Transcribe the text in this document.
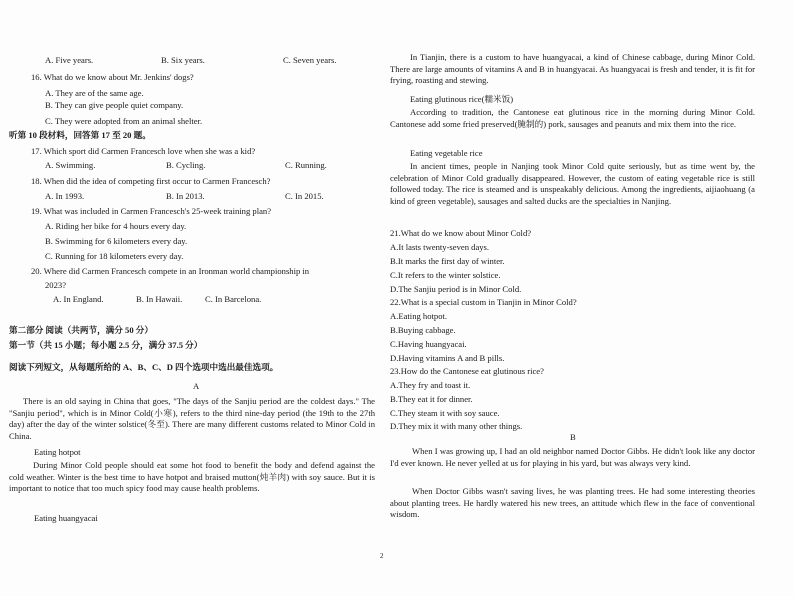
A. Five years.	B. Six years.	C. Seven years.
16. What do we know about Mr. Jenkins' dogs?
A. They are of the same age.
B. They can give people quiet company.
C. They were adopted from an animal shelter.
听第 10 段材料，回答第 17 至 20 题。
17. Which sport did Carmen Francesch love when she was a kid?
A. Swimming.	B. Cycling.	C. Running.
18. When did the idea of competing first occur to Carmen Francesch?
A. In 1993.	B. In 2013.	C. In 2015.
19. What was included in Carmen Francesch's 25-week training plan?
A. Riding her bike for 4 hours every day.
B. Swimming for 6 kilometers every day.
C. Running for 18 kilometers every day.
20. Where did Carmen Francesch compete in an Ironman world championship in
2023?
A. In England.	B. In Hawaii.	C. In Barcelona.
第二部分 阅读（共两节，满分 50 分）
第一节（共 15 小题；每小题 2.5 分，满分 37.5 分）
阅读下列短文，从每题所给的 A、B、C、D 四个选项中选出最佳选项。
A
There is an old saying in China that goes, "The days of the Sanjiu period are the coldest days." The "Sanjiu period", which is in Minor Cold(小寒), refers to the third nine-day period (the 19th to the 27th day) after the day of the winter solstice(冬至). There are many different customs related to Minor Cold in China.
Eating hotpot
During Minor Cold people should eat some hot food to benefit the body and defend against the cold weather. Winter is the best time to have hotpot and braised mutton(炖羊肉) with soy sauce. But it is important to notice that too much spicy food may cause health problems.
Eating huangyacai
In Tianjin, there is a custom to have huangyacai, a kind of Chinese cabbage, during Minor Cold. There are large amounts of vitamins A and B in huangyacai. As huangyacai is fresh and tender, it is fit for frying, roasting and stewing.
Eating glutinous rice(糯米饭)
According to tradition, the Cantonese eat glutinous rice in the morning during Minor Cold. Cantonese add some fried preserved(腌制的) pork, sausages and peanuts and mix them into the rice.
Eating vegetable rice
In ancient times, people in Nanjing took Minor Cold quite seriously, but as time went by, the celebration of Minor Cold gradually disappeared. However, the custom of eating vegetable rice is still followed today. The rice is steamed and is unspeakably delicious. Among the ingredients, aijiaohuang (a kind of green vegetable), sausages and salted ducks are the specialties in Nanjing.
21.What do we know about Minor Cold?
A.It lasts twenty-seven days.
B.It marks the first day of winter.
C.It refers to the winter solstice.
D.The Sanjiu period is in Minor Cold.
22.What is a special custom in Tianjin in Minor Cold?
A.Eating hotpot.
B.Buying cabbage.
C.Having huangyacai.
D.Having vitamins A and B pills.
23.How do the Cantonese eat glutinous rice?
A.They fry and toast it.
B.They eat it for dinner.
C.They steam it with soy sauce.
D.They mix it with many other things.
B
When I was growing up, I had an old neighbor named Doctor Gibbs. He didn't look like any doctor I'd ever known. He never yelled at us for playing in his yard, but was always very kind.
When Doctor Gibbs wasn't saving lives, he was planting trees. He had some interesting theories about planting trees. He hardly watered his new trees, an attitude which flew in the face of conventional wisdom.
2
